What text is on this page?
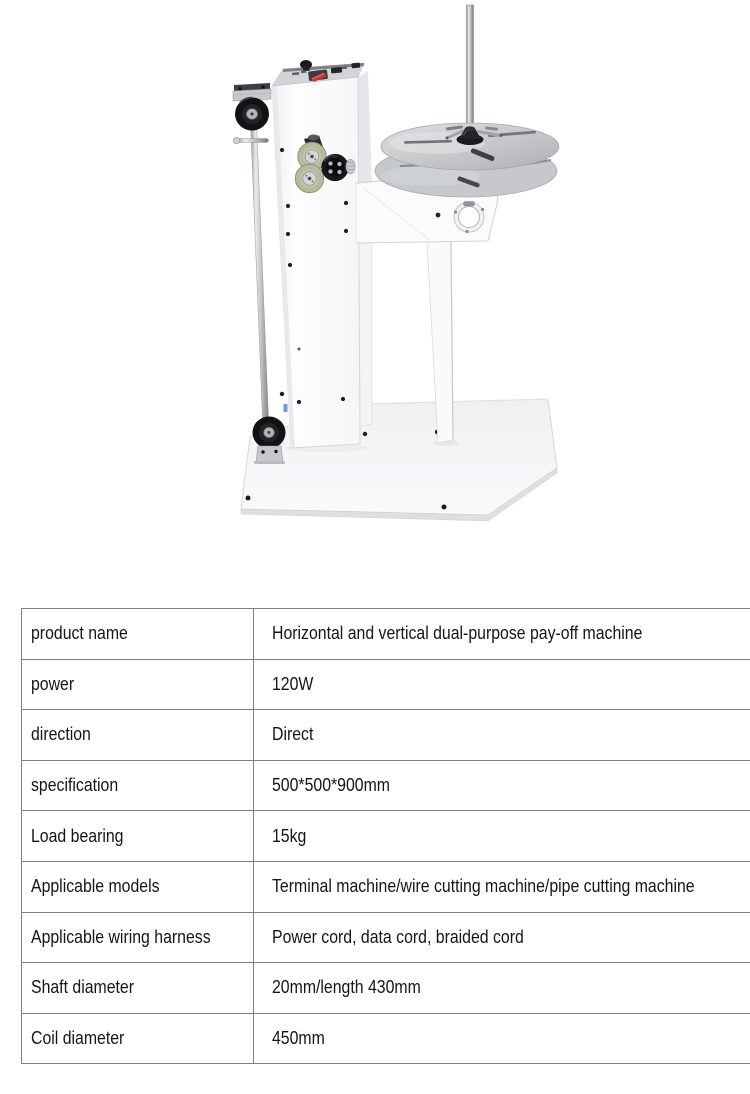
product name	Horizontal and vertical dual-purpose pay-off machine
power	120W
direction	Direct
specification	500*500*900mm
Load bearing	15kg
Applicable models	Terminal machine/wire cutting machine/pipe cutting machine
Applicable wiring harness	Power cord, data cord, braided cord
Shaft diameter	20mm/length 430mm
Coil diameter	450mm
